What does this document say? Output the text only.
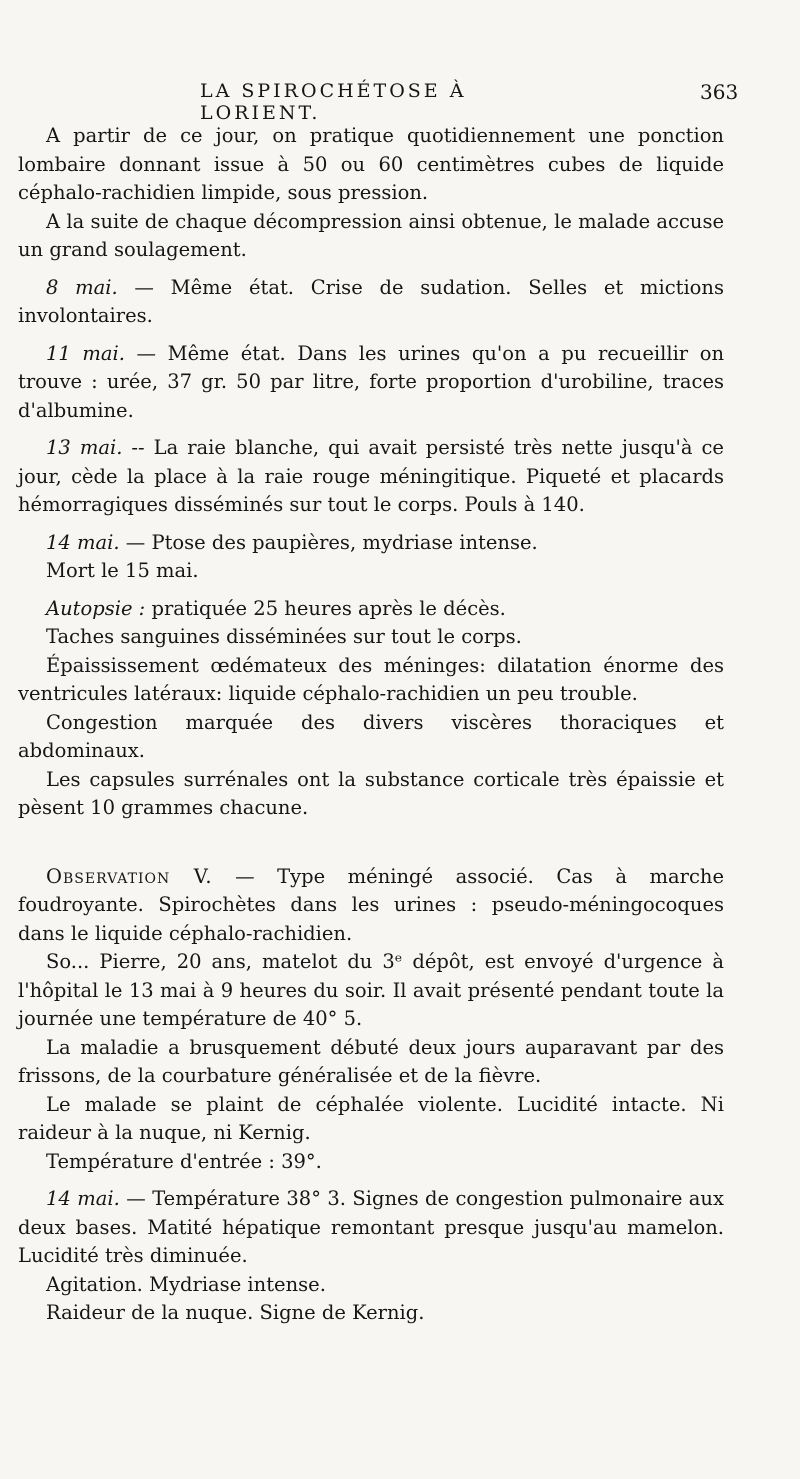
LA SPIROCHÉTOSE À LORIENT.
363

A partir de ce jour, on pratique quotidiennement une ponction lombaire donnant issue à 50 ou 60 centimètres cubes de liquide céphalo-rachidien limpide, sous pression.

A la suite de chaque décompression ainsi obtenue, le malade accuse un grand soulagement.

8 mai. — Même état. Crise de sudation. Selles et mictions involontaires.

11 mai. — Même état. Dans les urines qu'on a pu recueillir on trouve : urée, 37 gr. 50 par litre, forte proportion d'urobiline, traces d'albumine.

13 mai. -- La raie blanche, qui avait persisté très nette jusqu'à ce jour, cède la place à la raie rouge méningitique. Piqueté et placards hémorragiques disséminés sur tout le corps. Pouls à 140.

14 mai. — Ptose des paupières, mydriase intense.

Mort le 15 mai.

Autopsie : pratiquée 25 heures après le décès.

Taches sanguines disséminées sur tout le corps.

Épaississement œdémateux des méninges: dilatation énorme des ventricules latéraux: liquide céphalo-rachidien un peu trouble.

Congestion marquée des divers viscères thoraciques et abdominaux.

Les capsules surrénales ont la substance corticale très épaissie et pèsent 10 grammes chacune.

Observation V. — Type méningé associé. Cas à marche foudroyante. Spirochètes dans les urines : pseudo-méningocoques dans le liquide céphalo-rachidien.

So... Pierre, 20 ans, matelot du 3ᵉ dépôt, est envoyé d'urgence à l'hôpital le 13 mai à 9 heures du soir. Il avait présenté pendant toute la journée une température de 40° 5.

La maladie a brusquement débuté deux jours auparavant par des frissons, de la courbature généralisée et de la fièvre.

Le malade se plaint de céphalée violente. Lucidité intacte. Ni raideur à la nuque, ni Kernig.

Température d'entrée : 39°.

14 mai. — Température 38° 3. Signes de congestion pulmonaire aux deux bases. Matité hépatique remontant presque jusqu'au mamelon. Lucidité très diminuée.

Agitation. Mydriase intense.

Raideur de la nuque. Signe de Kernig.
